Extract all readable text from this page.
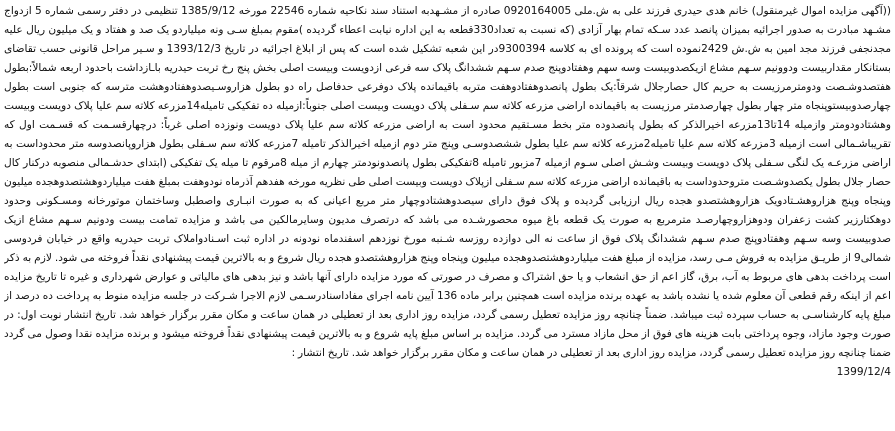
((آگهی مزایده اموال غیرمنقول) خانم هدی حیدری فرزند علی به ش.ملی 0920164005 صادره از مشـهدبه استناد سند نکاحیه شماره 22546 مورخه 1385/9/12 تنظیمی در دفتر رسمی شماره 5 ازدواج مشـهد مبادرت به صدور اجرائیه بمیزان پانصد عدد سـکه تمام بهار آزادی (که نسبت به تعداد330قطعه به این اداره نیابت اعطاء گردیده )مقوم بمبلغ سـی ونه میلیاردو یک صد و هفتاد و یک میلیون ریال علیه مجدنجفی فرزند مجد امین به ش.ش 2429نموده است که پرونده ای به کلاسه 9300394در این شعبه تشکیل شده است که پس از ابلاغ اجرائیه در تاریخ 1393/12/3 و سـیر مراحل قانونی حسب تقاضای بستانکار مقداربیست ودوونیم سـهم مشاع ازیکصدوبیست وسه سهم وهفتادوپنج صدم سـهم ششدانگ پلاک سه فرعی ازدویست وبیست اصلی بخش پنج رخ تربت حیدریه باـازداشت باحدود اربعه شمالاً:بطول هفتصدوشـصت ودومترمرزیست به حریم کال حصارجلال شرقاً:یک بطول پانصدوهفتادوهفت متربه باقیمانده پلاک دوفرعی حدفاصل راه دو بطول هزاروسـیصدوهفتادوهشت مترسه که جنوبی است بطول چهارصدوبیستوپنجاه متر چهار بطول چهارصدمتر مرزیست به باقیمانده اراضی مزرعه کلاته سم سـفلی پلاک دویست وبیست اصلی جنوباً:ازمیله ده تفکیکی تامیله14مزرعه کلاته سم علیا پلاک دویست وبیست وهشتادودومتر وازمیله 14تا13مزرعه اخیرالذکر که بطول پانصدوده متر بخط مسـتقیم محدود است به اراضی مزرعه کلاته سم علیا پلاک دویست ونوزده اصلی غرباً: درچهارقسـمت که قسـمت اول که تقریباشـمالی است ازمیله 3مزرعه کلاته سم علیا تامیله2مزرعه کلاته سم علیا بطول ششصدوسـی وپنج متر دوم ازمیله اخیرالذکر تامیله 7مزرعه کلاته سم سـفلی بطول هزاروپانصدوسه متر محدوداست به اراضی مزرعـه یک لنگی سـفلی پلاک دویست وبیست وشـش اصلی سـوم ازمیله 7مزبور تامیله 8تفکیکی بطول پانصدونودمتر چهارم از میله 8مرقوم تا میله یک تفکیکی (ابتدای حدشـمالی منصوبه درکنار کال حصار جلال بطول یکصدوشـصت متروحدوداست به باقیمانده اراضی مزرعه کلاته سم سـفلی ازپلاک دویست وبیست اصلی طی نظریه مورخه هفدهم آذرماه نودوهفت بمبلغ هفت میلیاردوهشتصدوهجده میلیون وپنجاه وپنج هزاروهشـتادویک هزاروهشتصدو هجده ریال ارزیابی گردیده و پلاک فوق دارای سیصدوهشتادوچهار متر مربع اعیانی که به صورت انبـاری واصطبل وساختمان موتورخانه ومسـکونی وحدود دوهکتارزیر کشت زعفران ودوهزاروچهارصـد مترمربع به صورت یک قطعه باغ میوه محصورشـده می باشد که درتصرف مدیون وسایرمالکین می باشد و مزایده تمامت بیست ودونیم سـهم مشاع ازیک صدوبیست وسه سـهم وهفتادوپنج صدم سـهم ششدانگ پلاک فوق از ساعت نه الی دوازده روزسه شـنبه مورخ نوزدهم اسفندماه نودونه در اداره ثبت اسـنادواملاک تربت حیدریه واقع در خیابان فردوسی شمالی9 از طریـق مزایده به فروش مـی رسد، مزایده از مبلغ هفت میلیاردوهشتصدوهجده میلیون وپنجاه وپنج هزاروهشتصدو هجده ریال شروع و به بالاترین قیمت پیشنهادی نقداً فروخته می شود. لازم به ذکر است پرداخت بدهی های مربوط به آب، برق، گاز اعم از حق انشعاب و یا حق اشتراک و مصرف در صورتی که مورد مزایده دارای آنها باشد و نیز بدهی های مالیاتی و عوارض شهرداری و غیره تا تاریخ مزایده اعم از اینکه رقم قطعی آن معلوم شده یا نشده باشد به عهده برنده مزایده است همچنین برابر ماده 136 آیین نامه اجرای مفاداسنادرسـمی لازم الاجرا شـرکت در جلسه مزایده منوط به پرداخت ده درصد از مبلغ پایه کارشناسـی به حساب سپرده ثبت میباشد. ضمناً چنانچه روز مزایده تعطیل رسمی گردد، مزایده روز اداری بعد از تعطیلی در همان ساعت و مکان مقرر برگزار خواهد شد. تاریخ انتشار نوبت اول: در صورت وجود مازاد، وجوه پرداختی بابت هزینه های فوق از محل مازاد مسترد می گردد. مزایده بر اساس مبلغ پایه شروع و به بالاترین قیمت پیشنهادی نقداً فروخته میشود و برنده مزایده نقدا وصول می گردد ضمنا چنانچه روز مزایده تعطیل رسمی گردد، مزایده روز اداری بعد از تعطیلی در همان ساعت و مکان مقرر برگزار خواهد شد. تاریخ انتشار :

1399/12/4
